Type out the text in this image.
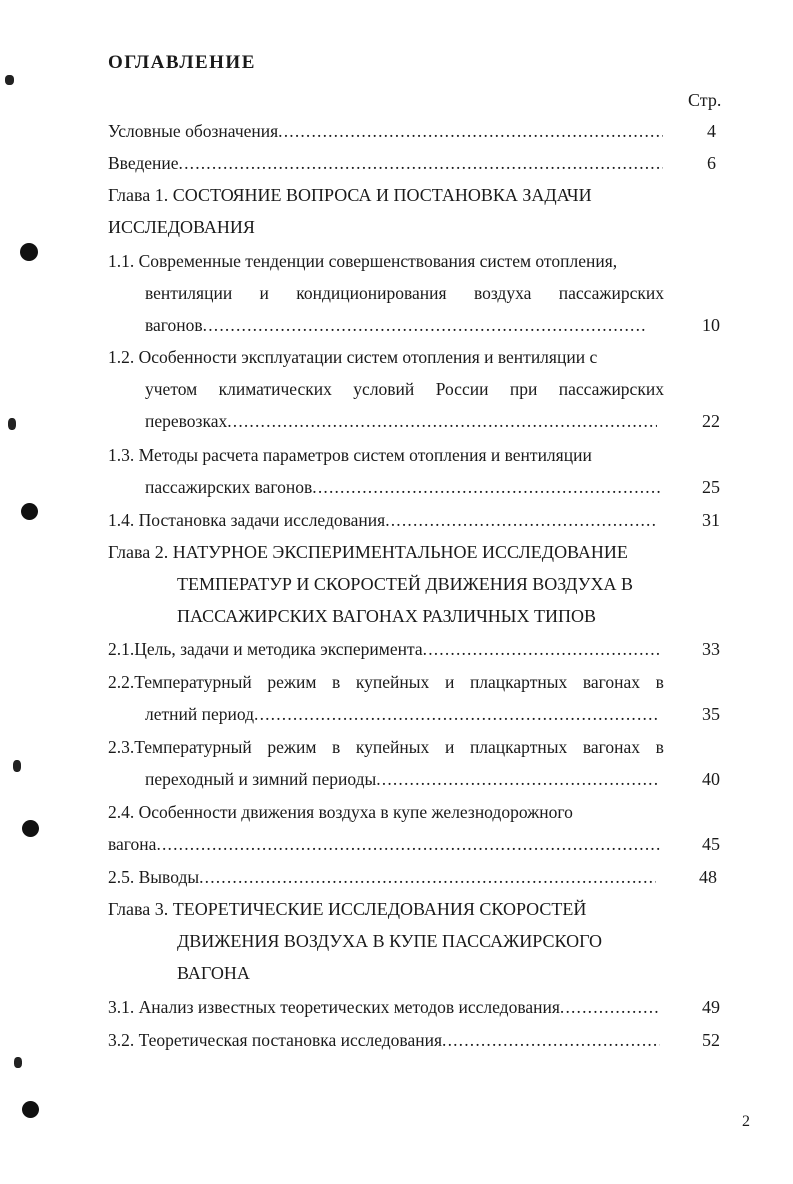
ОГЛАВЛЕНИЕ
Стр.
Условные обозначения . . .	4
Введение . . .	6
Глава 1. СОСТОЯНИЕ ВОПРОСА И ПОСТАНОВКА ЗАДАЧИ
ИССЛЕДОВАНИЯ
1.1. Современные тенденции совершенствования систем отопления,
вентиляции и кондиционирования воздуха пассажирских
вагонов . . .	10
1.2. Особенности эксплуатации систем отопления и вентиляции с
учетом климатических условий России при пассажирских
перевозках . . .	22
1.3. Методы расчета параметров систем отопления и вентиляции
пассажирских вагонов . . .	25
1.4. Постановка задачи исследования . . .	31
Глава 2. НАТУРНОЕ ЭКСПЕРИМЕНТАЛЬНОЕ ИССЛЕДОВАНИЕ
ТЕМПЕРАТУР И СКОРОСТЕЙ ДВИЖЕНИЯ ВОЗДУХА В
ПАССАЖИРСКИХ ВАГОНАХ РАЗЛИЧНЫХ ТИПОВ
2.1.Цель, задачи и методика эксперимента . . .	33
2.2.Температурный режим в купейных и плацкартных вагонах в
летний период . . .	35
2.3.Температурный режим в купейных и плацкартных вагонах в
переходный и зимний периоды . . .	40
2.4. Особенности движения воздуха в купе железнодорожного
вагона . . .	45
2.5. Выводы . . .	48
Глава 3. ТЕОРЕТИЧЕСКИЕ ИССЛЕДОВАНИЯ СКОРОСТЕЙ
ДВИЖЕНИЯ ВОЗДУХА В КУПЕ ПАССАЖИРСКОГО
ВАГОНА
3.1. Анализ известных теоретических методов исследования . . .	49
3.2. Теоретическая постановка исследования . . .	52
2
